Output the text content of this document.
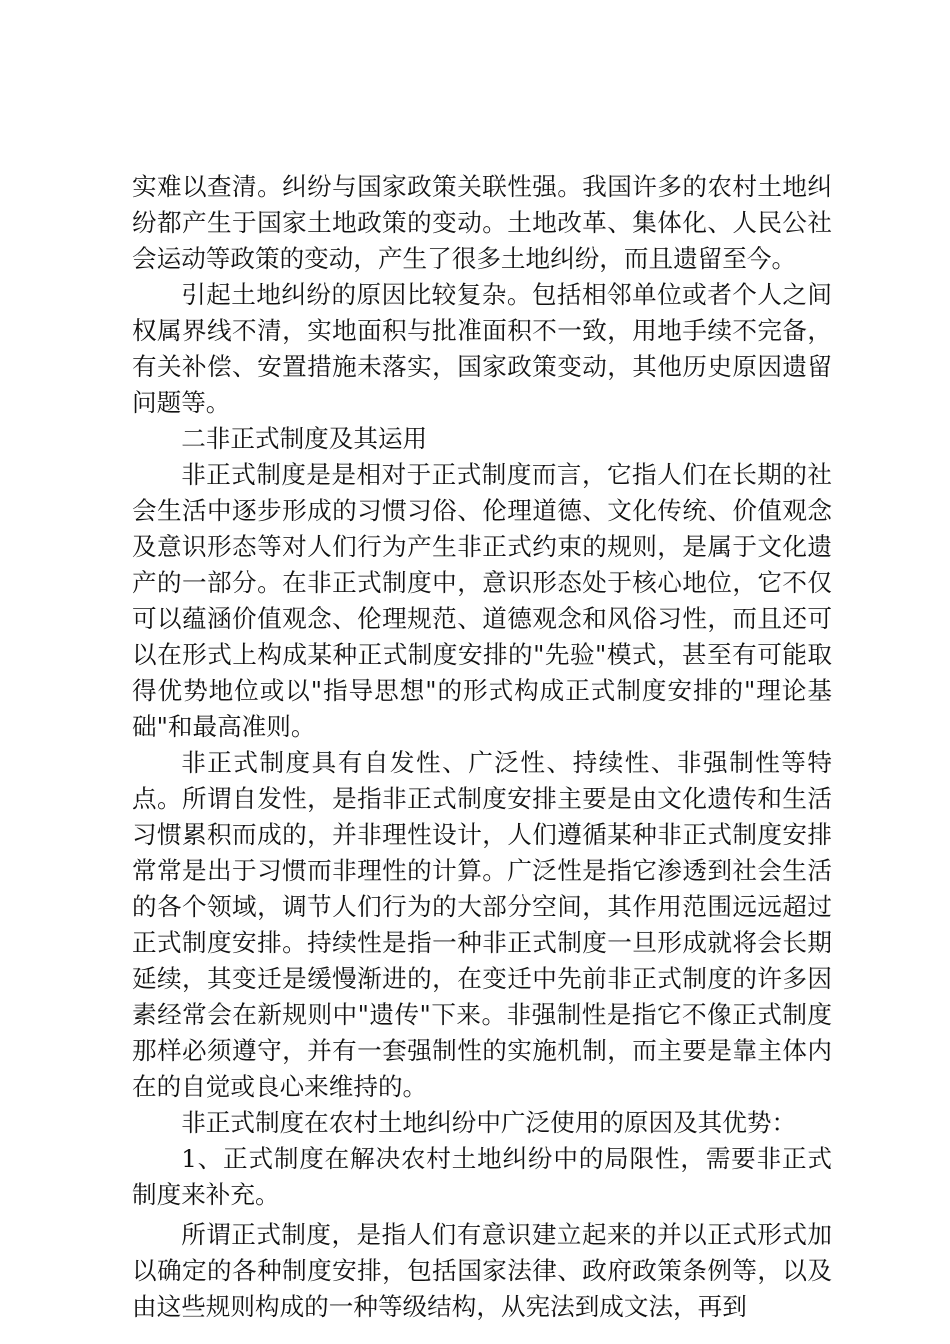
实难以查清。纠纷与国家政策关联性强。我国许多的农村土地纠纷都产生于国家土地政策的变动。土地改革、集体化、人民公社会运动等政策的变动，产生了很多土地纠纷，而且遗留至今。

引起土地纠纷的原因比较复杂。包括相邻单位或者个人之间权属界线不清，实地面积与批准面积不一致，用地手续不完备，有关补偿、安置措施未落实，国家政策变动，其他历史原因遗留问题等。

二非正式制度及其运用

非正式制度是是相对于正式制度而言，它指人们在长期的社会生活中逐步形成的习惯习俗、伦理道德、文化传统、价值观念及意识形态等对人们行为产生非正式约束的规则，是属于文化遗产的一部分。在非正式制度中，意识形态处于核心地位，它不仅可以蕴涵价值观念、伦理规范、道德观念和风俗习性，而且还可以在形式上构成某种正式制度安排的"先验"模式，甚至有可能取得优势地位或以"指导思想"的形式构成正式制度安排的"理论基础"和最高准则。

非正式制度具有自发性、广泛性、持续性、非强制性等特点。所谓自发性，是指非正式制度安排主要是由文化遗传和生活习惯累积而成的，并非理性设计，人们遵循某种非正式制度安排常常是出于习惯而非理性的计算。广泛性是指它渗透到社会生活的各个领域，调节人们行为的大部分空间，其作用范围远远超过正式制度安排。持续性是指一种非正式制度一旦形成就将会长期延续，其变迁是缓慢渐进的，在变迁中先前非正式制度的许多因素经常会在新规则中"遗传"下来。非强制性是指它不像正式制度那样必须遵守，并有一套强制性的实施机制，而主要是靠主体内在的自觉或良心来维持的。

非正式制度在农村土地纠纷中广泛使用的原因及其优势：

1、正式制度在解决农村土地纠纷中的局限性，需要非正式制度来补充。

所谓正式制度，是指人们有意识建立起来的并以正式形式加以确定的各种制度安排，包括国家法律、政府政策条例等，以及由这些规则构成的一种等级结构，从宪法到成文法，再到
